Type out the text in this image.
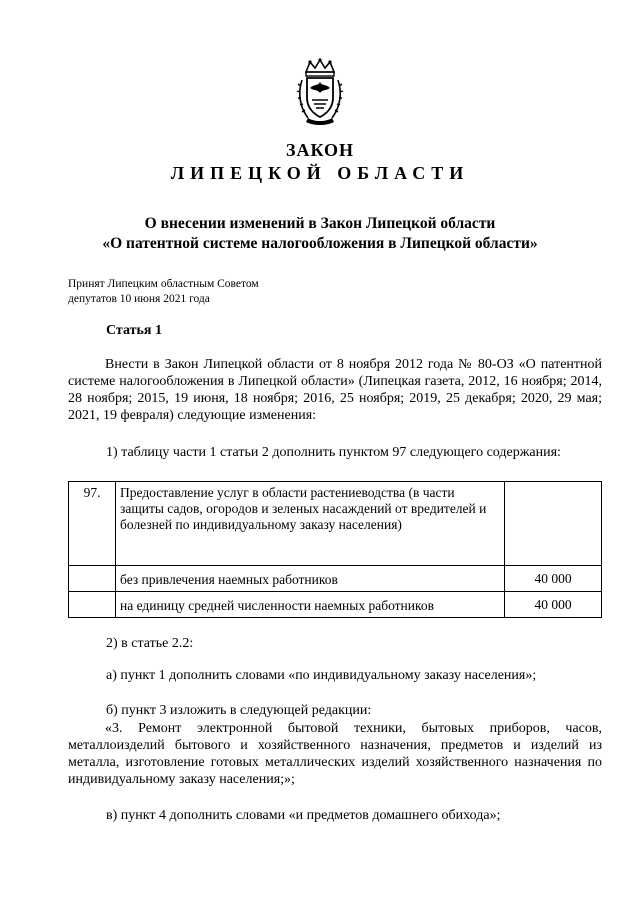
ЗАКОН
ЛИПЕЦКОЙ ОБЛАСТИ
О внесении изменений в Закон Липецкой области
«О патентной системе налогообложения в Липецкой области»
Принят Липецким областным Советом
депутатов 10 июня 2021 года
Статья 1
Внести в Закон Липецкой области от 8 ноября 2012 года № 80-ОЗ «О патентной системе налогообложения в Липецкой области» (Липецкая газета, 2012, 16 ноября; 2014, 28 ноября; 2015, 19 июня, 18 ноября; 2016, 25 ноября; 2019, 25 декабря; 2020, 29 мая; 2021, 19 февраля) следующие изменения:
1) таблицу части 1 статьи 2 дополнить пунктом 97 следующего содержания:
97.	Предоставление услуг в области растениеводства (в части защиты садов, огородов и зеленых насаждений от вредителей и болезней по индивидуальному заказу населения)	
	без привлечения наемных работников	40 000
	на единицу средней численности наемных работников	40 000
2) в статье 2.2:
а) пункт 1 дополнить словами «по индивидуальному заказу населения»;
б) пункт 3 изложить в следующей редакции:
«3. Ремонт электронной бытовой техники, бытовых приборов, часов, металлоизделий бытового и хозяйственного назначения, предметов и изделий из металла, изготовление готовых металлических изделий хозяйственного назначения по индивидуальному заказу населения;»;
в) пункт 4 дополнить словами «и предметов домашнего обихода»;
